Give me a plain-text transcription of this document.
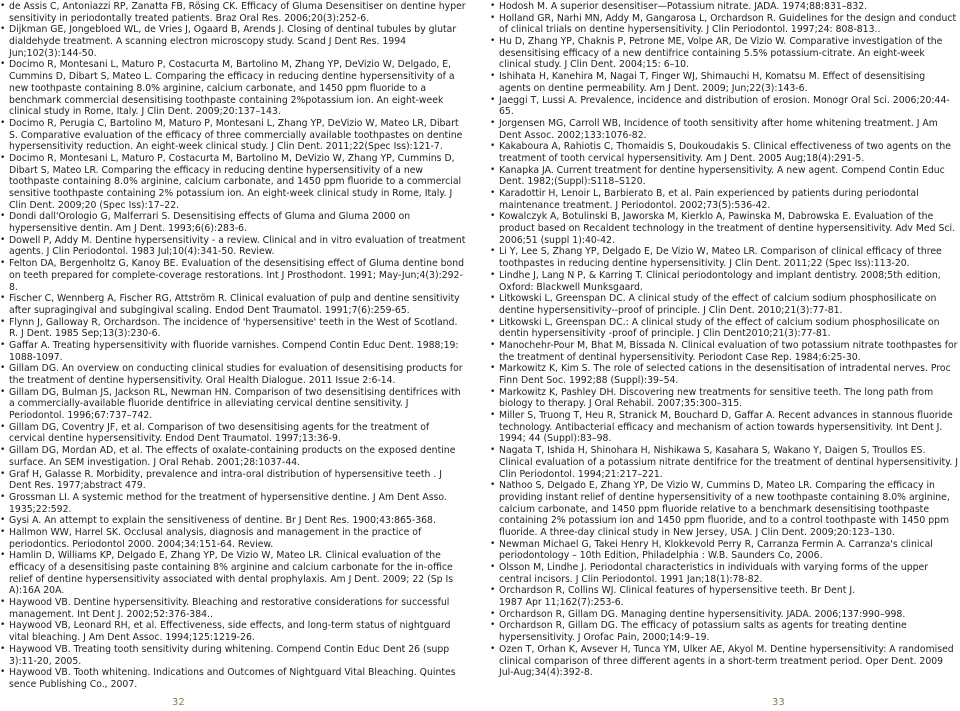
• de Assis C, Antoniazzi RP, Zanatta FB, Rösing CK. Efficacy of Gluma Desensitiser on dentine hyper sensitivity in periodontally treated patients. Braz Oral Res. 2006;20(3):252-6.
• Dijkman GE, Jongebloed WL, de Vries J, Ogaard B, Arends J. Closing of dentinal tubules by glutar dialdehyde treatment. A scanning electron microscopy study. Scand J Dent Res. 1994 Jun;102(3):144-50.
• Docimo R, Montesani L, Maturo P, Costacurta M, Bartolino M, Zhang YP, DeVizio W, Delgado, E, Cummins D, Dibart S, Mateo L. Comparing the efficacy in reducing dentine hypersensitivity of a new toothpaste containing 8.0% arginine, calcium carbonate, and 1450 ppm fluoride to a benchmark commercial desensitising toothpaste containing 2%potassium ion. An eight-week clinical study in Rome, Italy. J Clin Dent. 2009;20:137–143.
• Docimo R, Perugia C, Bartolino M, Maturo P, Montesani L, Zhang YP, DeVizio W, Mateo LR, Dibart S. Comparative evaluation of the efficacy of three commercially available toothpastes on dentine hypersensitivity reduction. An eight-week clinical study. J Clin Dent. 2011;22(Spec Iss):121-7.
• Docimo R, Montesani L, Maturo P, Costacurta M, Bartolino M, DeVizio W, Zhang YP, Cummins D, Dibart S, Mateo LR. Comparing the efficacy in reducing dentine hypersensitivity of a new toothpaste containing 8.0% arginine, calcium carbonate, and 1450 ppm fluoride to a commercial sensitive toothpaste containing 2% potassium ion. An eight-week clinical study in Rome, Italy. J Clin Dent. 2009;20 (Spec Iss):17–22.
• Dondi dall'Orologio G, Malferrari S. Desensitising effects of Gluma and Gluma 2000 on hypersensitive dentin. Am J Dent. 1993;6(6):283-6.
• Dowell P, Addy M. Dentine hypersensitivity - a review. Clinical and in vitro evaluation of treatment agents. J Clin Periodontol. 1983 Jul;10(4):341-50. Review.
• Felton DA, Bergenholtz G, Kanoy BE. Evaluation of the desensitising effect of Gluma dentine bond on teeth prepared for complete-coverage restorations. Int J Prosthodont. 1991; May-Jun;4(3):292-8.
• Fischer C, Wennberg A, Fischer RG, Attström R. Clinical evaluation of pulp and dentine sensitivity after supragingival and subgingival scaling. Endod Dent Traumatol. 1991;7(6):259-65.
• Flynn J, Galloway R, Orchardson. The incidence of 'hypersensitive' teeth in the West of Scotland. R. J Dent. 1985 Sep;13(3):230-6.
• Gaffar A. Treating hypersensitivity with fluoride varnishes. Compend Contin Educ Dent. 1988;19: 1088-1097.
• Gillam DG. An overview on conducting clinical studies for evaluation of desensitising products for the treatment of dentine hypersensitivity. Oral Health Dialogue. 2011 Issue 2:6-14.
• Gillam DG, Bulman JS, Jackson RL, Newman HN. Comparison of two desensitising dentifrices with a commercially-available fluoride dentifrice in alleviating cervical dentine sensitivity. J Periodontol. 1996;67:737–742.
• Gillam DG, Coventry JF, et al. Comparison of two desensitising agents for the treatment of cervical dentine hypersensitivity. Endod Dent Traumatol. 1997;13:36-9.
• Gillam DG, Mordan AD, et al. The effects of oxalate-containing products on the exposed dentine surface. An SEM investigation. J Oral Rehab. 2001;28:1037-44.
• Graf H, Galasse R. Morbidity, prevalence and intra-oral distribution of hypersensitive teeth . J Dent Res. 1977;abstract 479.
• Grossman LI. A systemic method for the treatment of hypersensitive dentine. J Am Dent Asso. 1935;22:592.
• Gysi A. An attempt to explain the sensitiveness of dentine. Br J Dent Res. 1900;43:865-368.
• Hallmon WW, Harrel SK. Occlusal analysis, diagnosis and management in the practice of periodontics. Periodontol 2000. 2004;34:151-64. Review.
• Hamlin D, Williams KP, Delgado E, Zhang YP, De Vizio W, Mateo LR. Clinical evaluation of the efficacy of a desensitising paste containing 8% arginine and calcium carbonate for the in-office relief of dentine hypersensitivity associated with dental prophylaxis. Am J Dent. 2009; 22 (Sp Is A):16A 20A.
• Haywood VB. Dentine hypersensitivity. Bleaching and restorative considerations for successful management. Int Dent J. 2002;52:376-384..
• Haywood VB, Leonard RH, et al. Effectiveness, side effects, and long-term status of nightguard vital bleaching. J Am Dent Assoc. 1994;125:1219-26.
• Haywood VB. Treating tooth sensitivity during whitening. Compend Contin Educ Dent 26 (supp 3):11-20, 2005.
• Haywood VB. Tooth whitening. Indications and Outcomes of Nightguard Vital Bleaching. Quintes sence Publishing Co., 2007.
• Hodosh M. A superior desensitiser—Potassium nitrate. JADA. 1974;88:831–832.
• Holland GR, Narhi MN, Addy M, Gangarosa L, Orchardson R. Guidelines for the design and conduct of clinical triials on dentine hypersensitivity. J Clin Periodontol. 1997;24: 808-813..
• Hu D, Zhang YP, Chaknis P, Petrone ME, Volpe AR, De Vizio W. Comparative investigation of the desensitising efficacy of a new dentifrice containing 5.5% potassium-citrate. An eight-week clinical study. J Clin Dent. 2004;15: 6–10.
• Ishihata H, Kanehira M, Nagai T, Finger WJ, Shimauchi H, Komatsu M. Effect of desensitising agents on dentine permeability. Am J Dent. 2009; Jun;22(3):143-6.
• Jaeggi T, Lussi A. Prevalence, incidence and distribution of erosion. Monogr Oral Sci. 2006;20:44-65.
• Jorgensen MG, Carroll WB, Incidence of tooth sensitivity after home whitening treatment. J Am Dent Assoc. 2002;133:1076-82.
• Kakaboura A, Rahiotis C, Thomaidis S, Doukoudakis S. Clinical effectiveness of two agents on the treatment of tooth cervical hypersensitivity. Am J Dent. 2005 Aug;18(4):291-5.
• Kanapka JA. Current treatment for dentine hypersensitivity. A new agent. Compend Contin Educ Dent. 1982;(Suppl):S118–S120.
• Karadottir H, Lenoir L, Barbierato B, et al. Pain experienced by patients during periodontal maintenance treatment. J Periodontol. 2002;73(5):536-42.
• Kowalczyk A, Botulinski B, Jaworska M, Kierklo A, Pawinska M, Dabrowska E. Evaluation of the product based on Recaldent technology in the treatment of dentine hypersensitivity. Adv Med Sci. 2006;51 (suppl 1):40-42.
• Li Y, Lee S, Zhang YP, Delgado E, De Vizio W, Mateo LR. Comparison of clinical efficacy of three toothpastes in reducing dentine hypersensitivity. J Clin Dent. 2011;22 (Spec Iss):113-20.
• Lindhe J, Lang N P, & Karring T. Clinical periodontology and implant dentistry. 2008;5th edition, Oxford: Blackwell Munksgaard.
• Litkowski L, Greenspan DC. A clinical study of the effect of calcium sodium phosphosilicate on dentine hypersensitivity--proof of principle. J Clin Dent. 2010;21(3):77-81.
• Litkowski L, Greenspan DC.: A clinical study of the effect of calcium sodium phosphosilicate on dentin hypersensitivity -proof of principle. J Clin Dent2010;21(3):77-81.
• Manochehr-Pour M, Bhat M, Bissada N. Clinical evaluation of two potassium nitrate toothpastes for the treatment of dentinal hypersensitivity. Periodont Case Rep. 1984;6:25-30.
• Markowitz K, Kim S. The role of selected cations in the desensitisation of intradental nerves. Proc Finn Dent Soc. 1992;88 (Suppl):39–54.
• Markowitz K, Pashley DH. Discovering new treatments for sensitive teeth. The long path from biology to therapy. J Oral Rehabil. 2007;35:300–315.
• Miller S, Truong T, Heu R, Stranick M, Bouchard D, Gaffar A. Recent advances in stannous fluoride technology. Antibacterial efficacy and mechanism of action towards hypersensitivity. Int Dent J. 1994; 44 (Suppl):83–98.
• Nagata T, Ishida H, Shinohara H, Nishikawa S, Kasahara S, Wakano Y, Daigen S, Troullos ES. Clinical evaluation of a potassium nitrate dentifrice for the treatment of dentinal hypersensitivity. J Clin Periodontol. 1994;21:217–221.
• Nathoo S, Delgado E, Zhang YP, De Vizio W, Cummins D, Mateo LR. Comparing the efficacy in providing instant relief of dentine hypersensitivity of a new toothpaste containing 8.0% arginine, calcium carbonate, and 1450 ppm fluoride relative to a benchmark desensitising toothpaste containing 2% potassium ion and 1450 ppm fluoride, and to a control toothpaste with 1450 ppm fluoride. A three-day clinical study in New Jersey, USA. J Clin Dent. 2009;20:123–130.
• Newman Michael G, Takei Henry H, Klokkevold Perry R, Carranza Fermin A. Carranza's clinical periodontology – 10th Edition, Philadelphia : W.B. Saunders Co, 2006.
• Olsson M, Lindhe J. Periodontal characteristics in individuals with varying forms of the upper central incisors. J Clin Periodontol. 1991 Jan;18(1):78-82.
• Orchardson R, Collins WJ. Clinical features of hypersensitive teeth. Br Dent J.
1987 Apr 11;162(7):253-6.
• Orchardson R, Gillam DG. Managing dentine hypersensitivity. JADA. 2006;137:990–998.
• Orchardson R, Gillam DG. The efficacy of potassium salts as agents for treating dentine hypersensitivity. J Orofac Pain, 2000;14:9–19.
• Ozen T, Orhan K, Avsever H, Tunca YM, Ulker AE, Akyol M. Dentine hypersensitivity: A randomised clinical comparison of three different agents in a short-term treatment period. Oper Dent. 2009 Jul-Aug;34(4):392-8.
32	33
